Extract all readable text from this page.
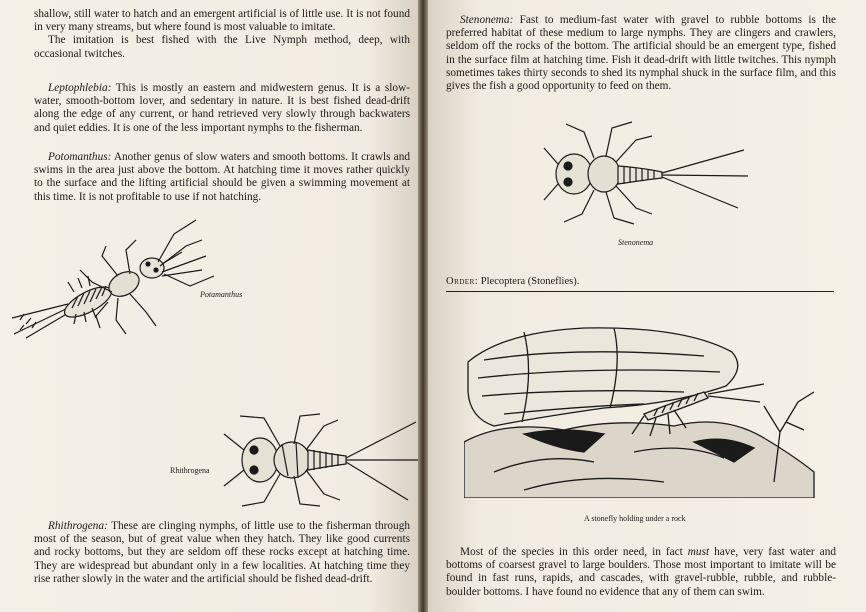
shallow, still water to hatch and an emergent artificial is of little use. It is not found in very many streams, but where found is most valuable to imitate.
The imitation is best fished with the Live Nymph method, deep, with occasional twitches.

Leptophlebia: This is mostly an eastern and midwestern genus. It is a slow-water, smooth-bottom lover, and sedentary in nature. It is best fished dead-drift along the edge of any current, or hand retrieved very slowly through backwaters and quiet eddies. It is one of the less important nymphs to the fisherman.

Potomanthus: Another genus of slow waters and smooth bottoms. It crawls and swims in the area just above the bottom. At hatching time it moves rather quickly to the surface and the lifting artificial should be given a swimming movement at this time. It is not profitable to use if not hatching.

Potamanthus

Rhithrogena

Rhithrogena: These are clinging nymphs, of little use to the fisherman through most of the season, but of great value when they hatch. They like good currents and rocky bottoms, but they are seldom off these rocks except at hatching time. They are widespread but abundant only in a few localities. At hatching time they rise rather slowly in the water and the artificial should be fished dead-drift.

Stenonema: Fast to medium-fast water with gravel to rubble bottoms is the preferred habitat of these medium to large nymphs. They are clingers and crawlers, seldom off the rocks of the bottom. The artificial should be an emergent type, fished in the surface film at hatching time. Fish it dead-drift with little twitches. This nymph sometimes takes thirty seconds to shed its nymphal shuck in the surface film, and this gives the fish a good opportunity to feed on them.

Stenonema

Order: Plecoptera (Stoneflies).

A stonefly holding under a rock

Most of the species in this order need, in fact must have, very fast water and bottoms of coarsest gravel to large boulders. Those most important to imitate will be found in fast runs, rapids, and cascades, with gravel-rubble, rubble, and rubble-boulder bottoms. I have found no evidence that any of them can swim.
